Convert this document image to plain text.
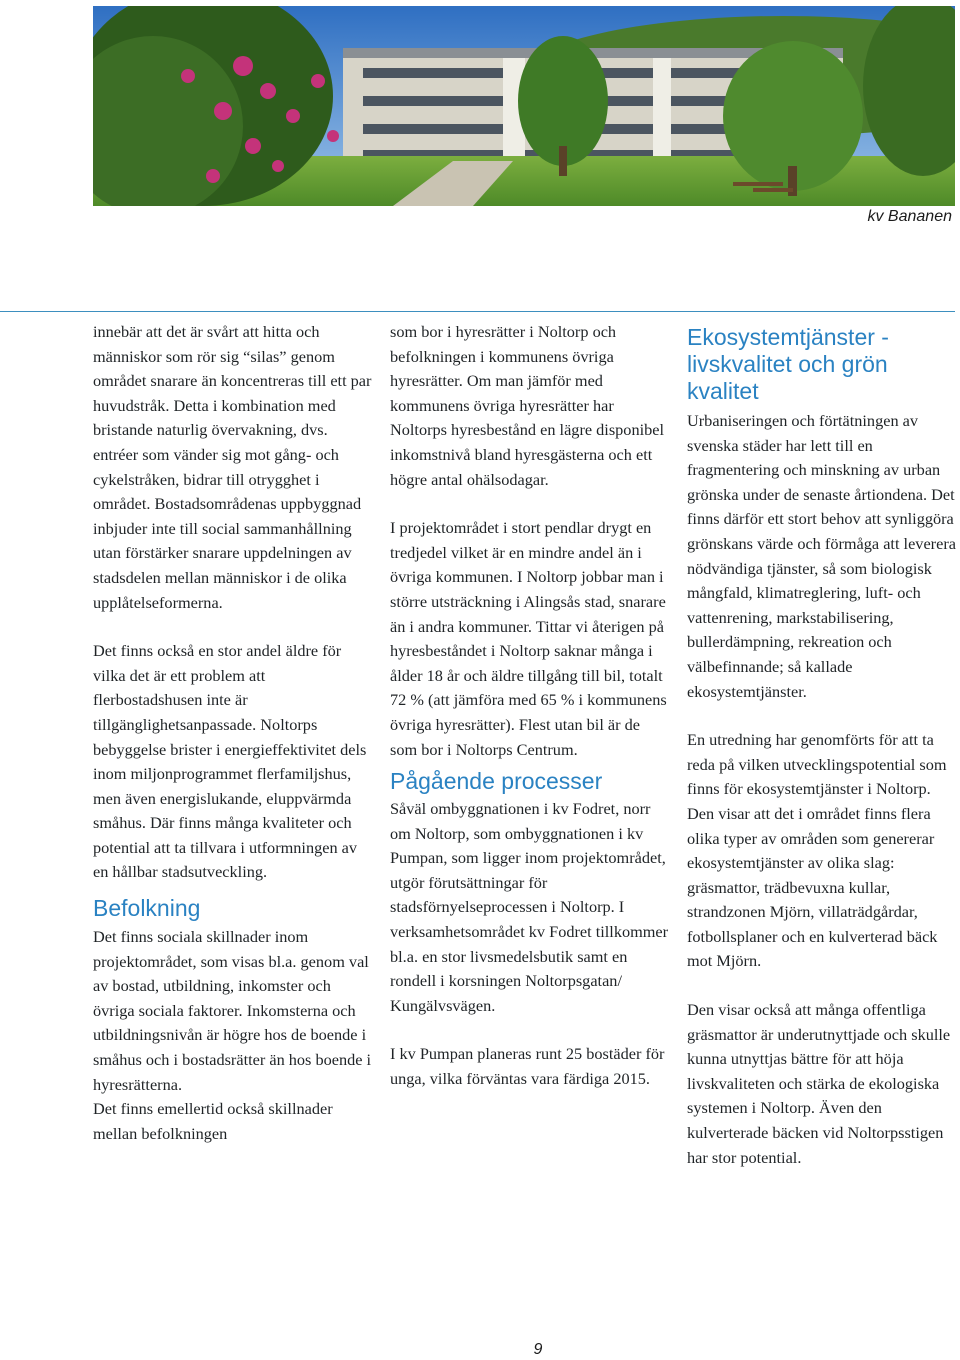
kv Bananen

innebär att det är svårt att hitta och människor som rör sig “silas” genom området snarare än koncentreras till ett par huvudstråk. Detta i kombination med bristande naturlig övervakning, dvs. entréer som vänder sig mot gång- och cykelstråken, bidrar till otrygghet i området. Bostadsområdenas uppbyggnad inbjuder inte till social sammanhållning utan förstärker snarare uppdelningen av stadsdelen mellan människor i de olika upplåtelseformerna.

Det finns också en stor andel äldre för vilka det är ett problem att flerbostadshusen inte är tillgänglighetsanpassade. Noltorps bebyggelse brister i energieffektivitet dels inom miljonprogrammet flerfamiljshus, men även energislukande, eluppvärmda småhus. Där finns många kvaliteter och potential att ta tillvara i utformningen av en hållbar stadsutveckling.

Befolkning

Det finns sociala skillnader inom projektområdet, som visas bl.a. genom val av bostad, utbildning, inkomster och övriga sociala faktorer. Inkomsterna och utbildningsnivån är högre hos de boende i småhus och i bostadsrätter än hos boende i hyresrätterna.

Det finns emellertid också skillnader mellan befolkningen

som bor i hyresrätter i Noltorp och befolkningen i kommunens övriga hyresrätter. Om man jämför med kommunens övriga hyresrätter har Noltorps hyresbestånd en lägre disponibel inkomstnivå bland hyresgästerna och ett högre antal ohälsodagar.

I projektområdet i stort pendlar drygt en tredjedel vilket är en mindre andel än i övriga kommunen. I Noltorp jobbar man i större utsträckning i Alingsås stad, snarare än i andra kommuner. Tittar vi återigen på hyresbeståndet i Noltorp saknar många i ålder 18 år och äldre tillgång till bil, totalt 72 % (att jämföra med 65 % i kommunens övriga hyresrätter). Flest utan bil är de som bor i Noltorps Centrum.

Pågående processer

Såväl ombyggnationen i kv Fodret, norr om Noltorp, som ombyggnationen i kv Pumpan, som ligger inom projektområdet, utgör förutsättningar för stadsförnyelseprocessen i Noltorp. I verksamhetsområdet kv Fodret tillkommer bl.a. en stor livsmedelsbutik samt en rondell i korsningen Noltorpsgatan/ Kungälvsvägen.

I kv Pumpan planeras runt 25 bostäder för unga, vilka förväntas vara färdiga 2015.

Ekosystemtjänster - livskvalitet och grön kvalitet

Urbaniseringen och förtätningen av svenska städer har lett till en fragmentering och minskning av urban grönska under de senaste årtiondena. Det finns därför ett stort behov att synliggöra grönskans värde och förmåga att leverera nödvändiga tjänster, så som biologisk mångfald, klimatreglering, luft- och vattenrening, markstabilisering, bullerdämpning, rekreation och välbefinnande; så kallade ekosystemtjänster.

En utredning har genomförts för att ta reda på vilken utvecklingspotential som finns för ekosystemtjänster i Noltorp. Den visar att det i området finns flera olika typer av områden som genererar ekosystemtjänster av olika slag: gräsmattor, trädbevuxna kullar, strandzonen Mjörn, villaträdgårdar, fotbollsplaner och en kulverterad bäck mot Mjörn.

Den visar också att många offentliga gräsmattor är underutnyttjade och skulle kunna utnyttjas bättre för att höja livskvaliteten och stärka de ekologiska systemen i Noltorp. Även den kulverterade bäcken vid Noltorpsstigen har stor potential.

9
